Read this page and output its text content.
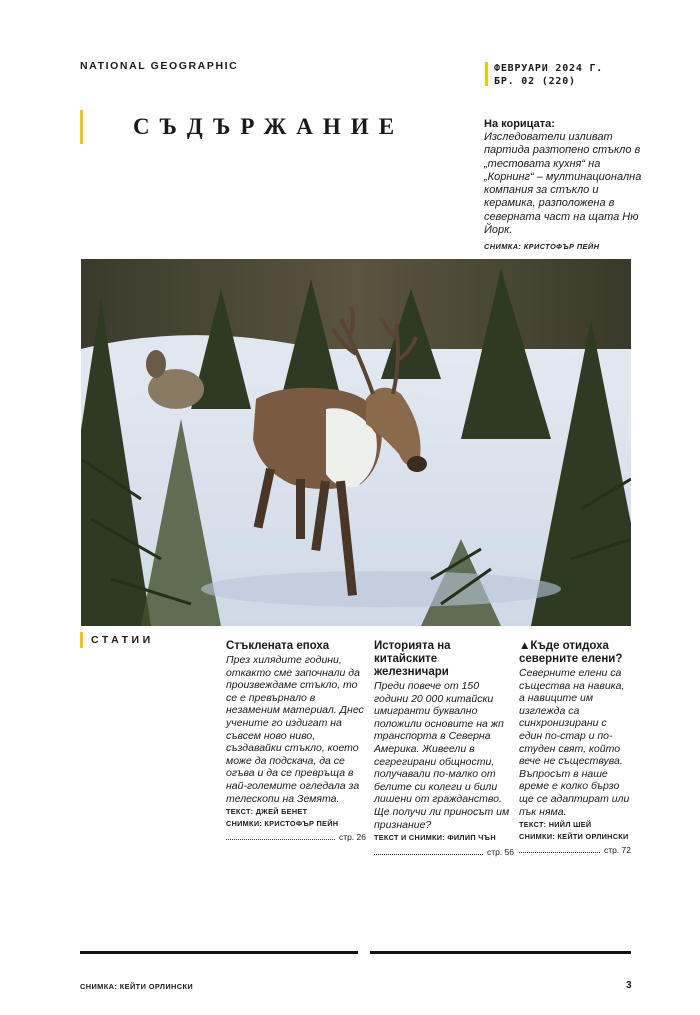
NATIONAL GEOGRAPHIC	ФЕВРУАРИ 2024 Г.
БР. 02 (220)
СЪДЪРЖАНИЕ	На корицата:
Изследователи изливат партида разтопено стъкло в „тестовата кухня“ на „Корнинг“ – мултинационална компания за стъкло и керамика, разположена в северната част на щата Ню Йорк.
СНИМКА: КРИСТОФЪР ПЕЙН
СТАТИИ	Стъклената епоха

През хилядите години, откакто сме започнали да произвеждаме стъкло, то се е превърнало в незаменим материал. Днес учените го издигат на съвсем ново ниво, създавайки стъкло, което може да подскача, да се огъва и да се превръща в най-големите огледала за телескопи на Земята.

ТЕКСТ: ДЖЕЙ БЕНЕТ
СНИМКИ: КРИСТОФЪР ПЕЙН
стр. 26
Историята на китайските железничари

Преди повече от 150 години 20 000 китайски имигранти буквално положили основите на жп транспорта в Северна Америка. Живеели в сегрегирани общности, получавали по-малко от белите си колеги и били лишени от гражданство. Ще получи ли приносът им признание?

ТЕКСТ И СНИМКИ: ФИЛИП ЧЪН
стр. 56
▲Къде отидоха северните елени?

Северните елени са същества на навика, а навиците им изглежда са синхронизирани с един по-стар и по-студен свят, който вече не съществува. Въпросът в наше време е колко бързо ще се адаптират или пък няма.

ТЕКСТ: НИЙЛ ШЕЙ
СНИМКИ: КЕЙТИ ОРЛИНСКИ
стр. 72
СНИМКА: КЕЙТИ ОРЛИНСКИ	3
